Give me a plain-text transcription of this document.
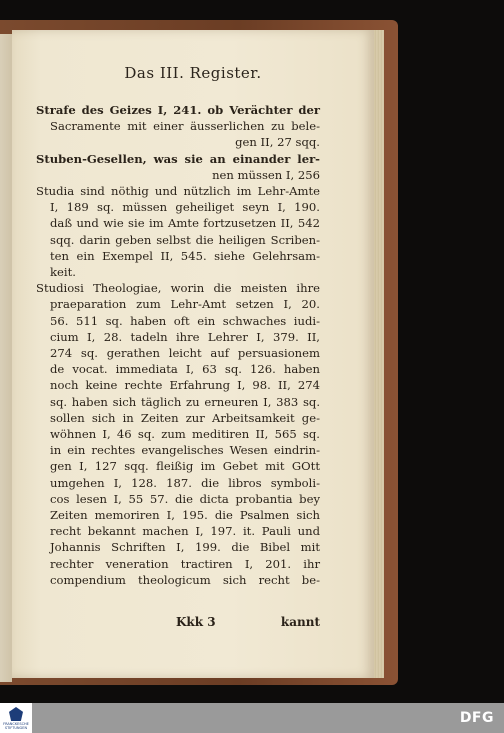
Das III. Register.

Strafe des Geizes I, 241. ob Verächter der
Sacramente mit einer äusserlichen zu bele-
gen II, 27 sqq.

Stuben-Gesellen, was sie an einander ler-
nen müssen I, 256

Studia sind nöthig und nützlich im Lehr-Amte
I, 189 sq. müssen geheiliget seyn I, 190.
daß und wie sie im Amte fortzusetzen II, 542
sqq. darin geben selbst die heiligen Scriben-
ten ein Exempel II, 545. siehe Gelehrsam-
keit.

Studiosi Theologiae, worin die meisten ihre
praeparation zum Lehr-Amt setzen I, 20.
56. 511 sq. haben oft ein schwaches iudi-
cium I, 28. tadeln ihre Lehrer I, 379. II,
274 sq. gerathen leicht auf persuasionem
de vocat. immediata I, 63 sq. 126. haben
noch keine rechte Erfahrung I, 98. II, 274
sq. haben sich täglich zu erneuren I, 383 sq.
sollen sich in Zeiten zur Arbeitsamkeit ge-
wöhnen I, 46 sq. zum meditiren II, 565 sq.
in ein rechtes evangelisches Wesen eindrin-
gen I, 127 sqq. fleißig im Gebet mit GOtt
umgehen I, 128. 187. die libros symboli-
cos lesen I, 55 57. die dicta probantia bey
Zeiten memoriren I, 195. die Psalmen sich
recht bekannt machen I, 197. it. Pauli und
Johannis Schriften I, 199. die Bibel mit
rechter veneration tractiren I, 201. ihr
compendium theologicum sich recht be-

Kkk 3	kannt
FRANCKESCHE STIFTUNGEN
DFG
